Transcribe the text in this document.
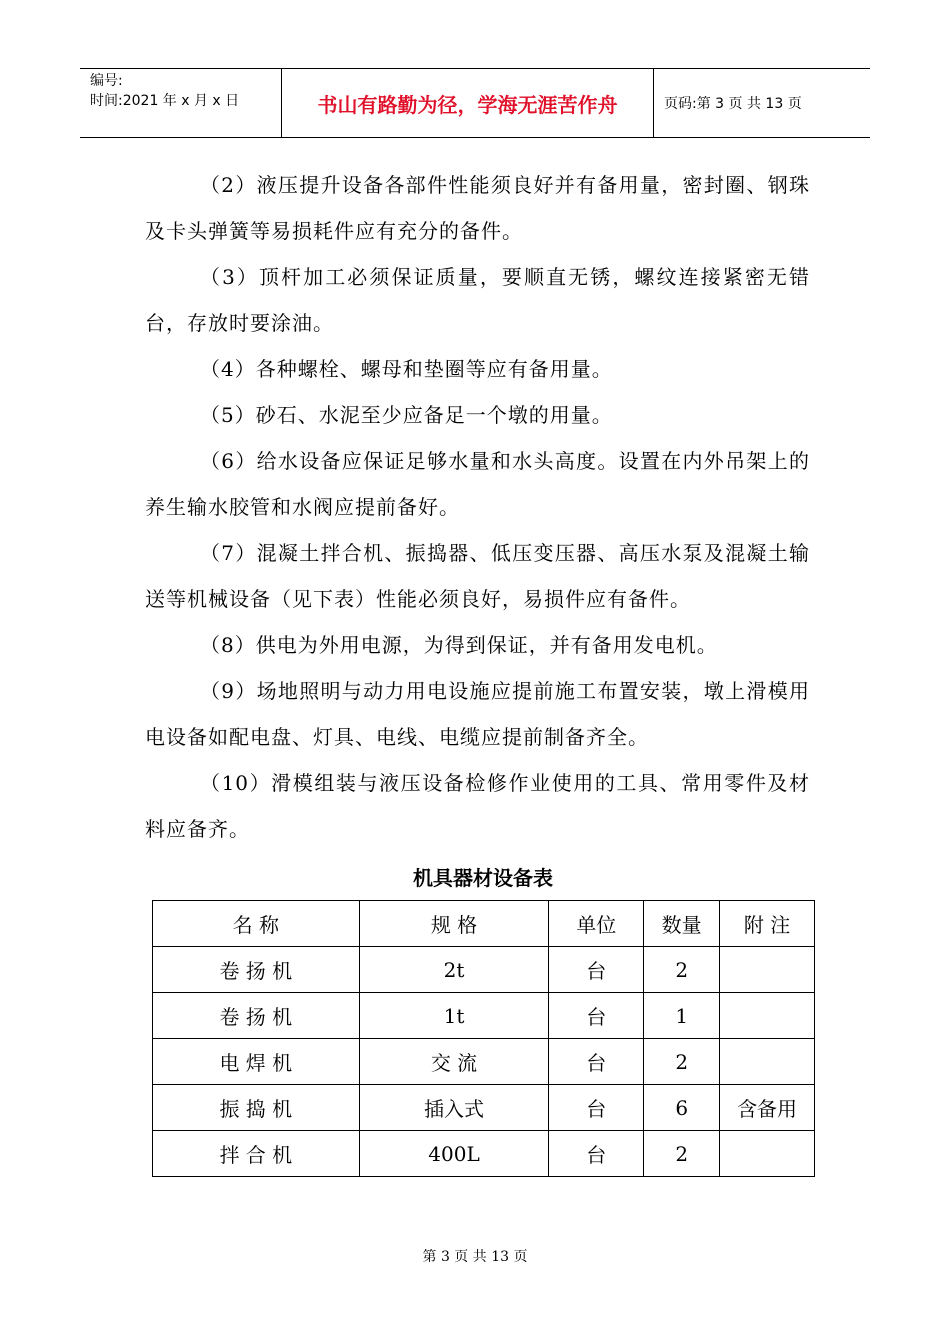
编号:
时间:2021 年 x 月 x 日	书山有路勤为径，学海无涯苦作舟	页码:第 3 页 共 13 页

（2）液压提升设备各部件性能须良好并有备用量，密封圈、钢珠及卡头弹簧等易损耗件应有充分的备件。

（3）顶杆加工必须保证质量，要顺直无锈，螺纹连接紧密无错台，存放时要涂油。

（4）各种螺栓、螺母和垫圈等应有备用量。

（5）砂石、水泥至少应备足一个墩的用量。

（6）给水设备应保证足够水量和水头高度。设置在内外吊架上的养生输水胶管和水阀应提前备好。

（7）混凝土拌合机、振捣器、低压变压器、高压水泵及混凝土输送等机械设备（见下表）性能必须良好，易损件应有备件。

（8）供电为外用电源，为得到保证，并有备用发电机。

（9）场地照明与动力用电设施应提前施工布置安装，墩上滑模用电设备如配电盘、灯具、电线、电缆应提前制备齐全。

（10）滑模组装与液压设备检修作业使用的工具、常用零件及材料应备齐。

机具器材设备表
名 称	规 格	单位	数量	附 注
卷 扬 机	2t	台	2	
卷 扬 机	1t	台	1	
电 焊 机	交 流	台	2	
振 捣 机	插入式	台	6	含备用
拌 合 机	400L	台	2	
第 3 页 共 13 页
